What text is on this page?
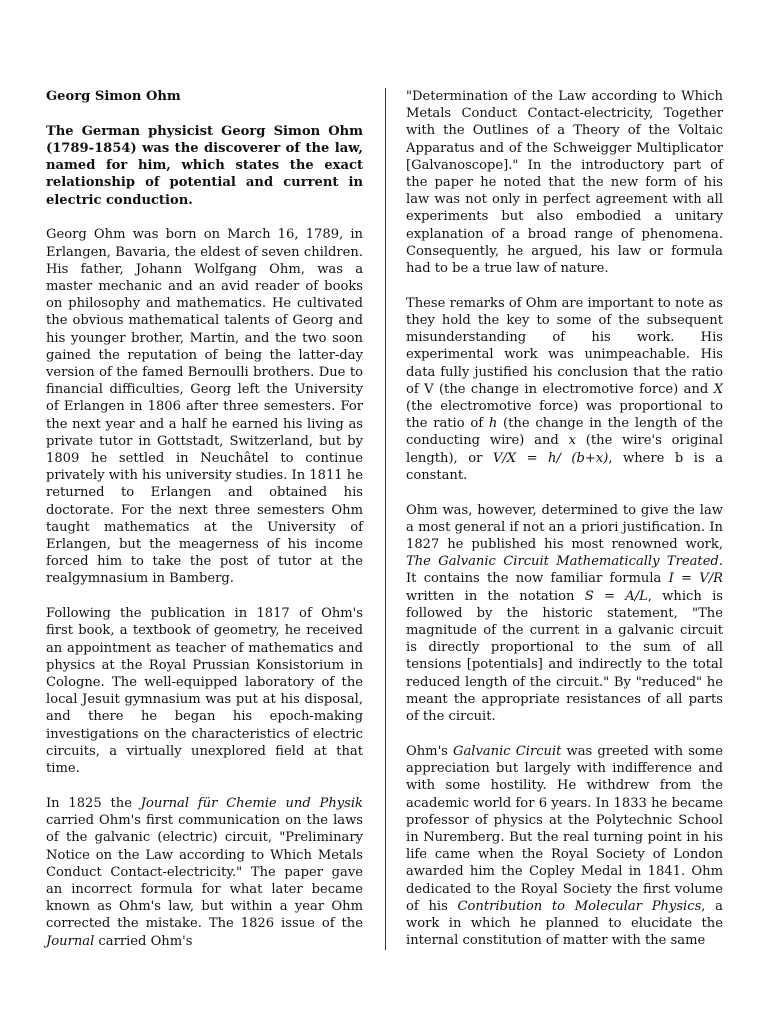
Georg Simon Ohm

The German physicist Georg Simon Ohm (1789-1854) was the discoverer of the law, named for him, which states the exact relationship of potential and current in electric conduction.

Georg Ohm was born on March 16, 1789, in Erlangen, Bavaria, the eldest of seven children. His father, Johann Wolfgang Ohm, was a master mechanic and an avid reader of books on philosophy and mathematics. He cultivated the obvious mathematical talents of Georg and his younger brother, Martin, and the two soon gained the reputation of being the latter-day version of the famed Bernoulli brothers. Due to financial difficulties, Georg left the University of Erlangen in 1806 after three semesters. For the next year and a half he earned his living as private tutor in Gottstadt, Switzerland, but by 1809 he settled in Neuchâtel to continue privately with his university studies. In 1811 he returned to Erlangen and obtained his doctorate. For the next three semesters Ohm taught mathematics at the University of Erlangen, but the meagerness of his income forced him to take the post of tutor at the realgymnasium in Bamberg.

Following the publication in 1817 of Ohm's first book, a textbook of geometry, he received an appointment as teacher of mathematics and physics at the Royal Prussian Konsistorium in Cologne. The well-equipped laboratory of the local Jesuit gymnasium was put at his disposal, and there he began his epoch-making investigations on the characteristics of electric circuits, a virtually unexplored field at that time.

In 1825 the Journal für Chemie und Physik carried Ohm's first communication on the laws of the galvanic (electric) circuit, "Preliminary Notice on the Law according to Which Metals Conduct Contact-electricity." The paper gave an incorrect formula for what later became known as Ohm's law, but within a year Ohm corrected the mistake. The 1826 issue of the Journal carried Ohm's

"Determination of the Law according to Which Metals Conduct Contact-electricity, Together with the Outlines of a Theory of the Voltaic Apparatus and of the Schweigger Multiplicator [Galvanoscope]." In the introductory part of the paper he noted that the new form of his law was not only in perfect agreement with all experiments but also embodied a unitary explanation of a broad range of phenomena. Consequently, he argued, his law or formula had to be a true law of nature.

These remarks of Ohm are important to note as they hold the key to some of the subsequent misunderstanding of his work. His experimental work was unimpeachable. His data fully justified his conclusion that the ratio of V (the change in electromotive force) and X (the electromotive force) was proportional to the ratio of h (the change in the length of the conducting wire) and x (the wire's original length), or V/X = h/ (b+x), where b is a constant.

Ohm was, however, determined to give the law a most general if not an a priori justification. In 1827 he published his most renowned work, The Galvanic Circuit Mathematically Treated. It contains the now familiar formula I = V/R written in the notation S = A/L, which is followed by the historic statement, "The magnitude of the current in a galvanic circuit is directly proportional to the sum of all tensions [potentials] and indirectly to the total reduced length of the circuit." By "reduced" he meant the appropriate resistances of all parts of the circuit.

Ohm's Galvanic Circuit was greeted with some appreciation but largely with indifference and with some hostility. He withdrew from the academic world for 6 years. In 1833 he became professor of physics at the Polytechnic School in Nuremberg. But the real turning point in his life came when the Royal Society of London awarded him the Copley Medal in 1841. Ohm dedicated to the Royal Society the first volume of his Contribution to Molecular Physics, a work in which he planned to elucidate the internal constitution of matter with the same
